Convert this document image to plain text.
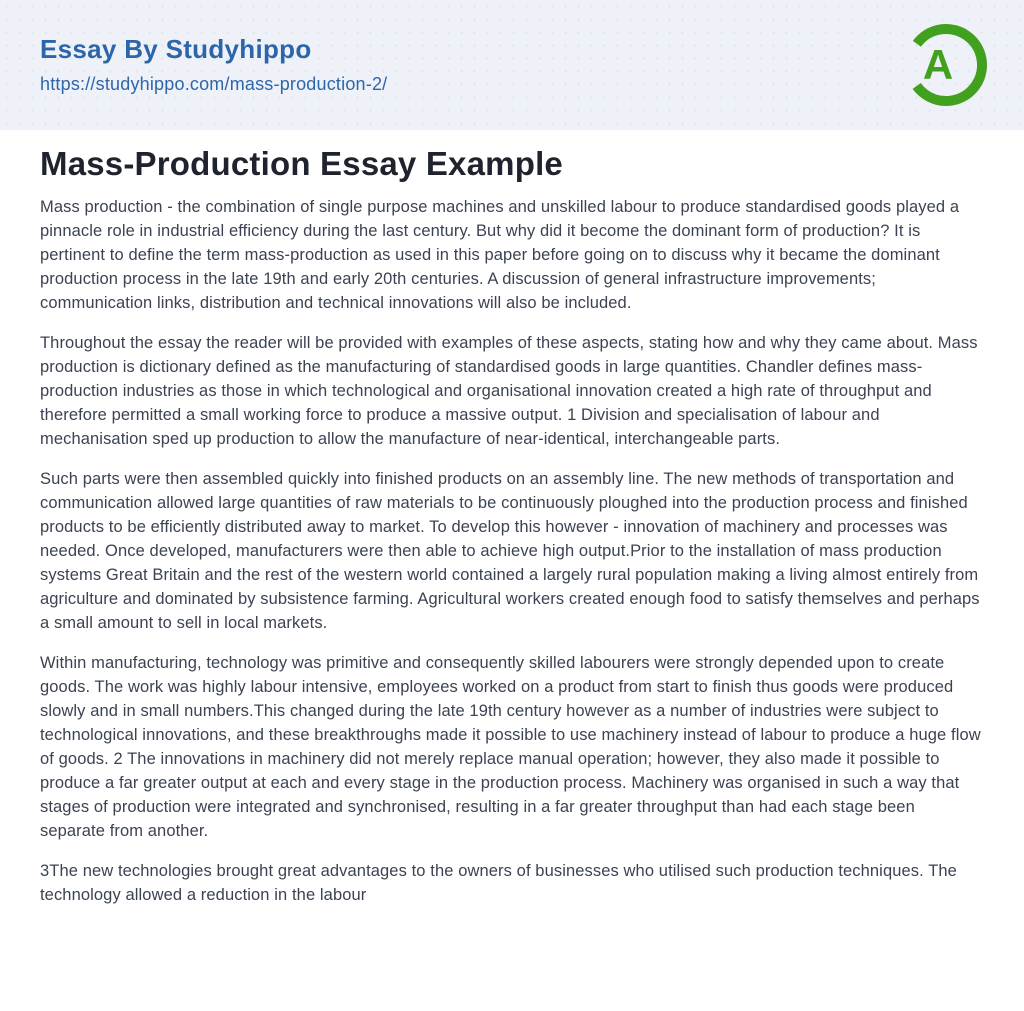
Essay By Studyhippo
https://studyhippo.com/mass-production-2/	A
Mass-Production Essay Example

Mass production - the combination of single purpose machines and unskilled labour to produce standardised goods played a pinnacle role in industrial efficiency during the last century. But why did it become the dominant form of production? It is pertinent to define the term mass-production as used in this paper before going on to discuss why it became the dominant production process in the late 19th and early 20th centuries. A discussion of general infrastructure improvements; communication links, distribution and technical innovations will also be included.

Throughout the essay the reader will be provided with examples of these aspects, stating how and why they came about. Mass production is dictionary defined as the manufacturing of standardised goods in large quantities. Chandler defines mass-production industries as those in which technological and organisational innovation created a high rate of throughput and therefore permitted a small working force to produce a massive output. 1 Division and specialisation of labour and mechanisation sped up production to allow the manufacture of near-identical, interchangeable parts.

Such parts were then assembled quickly into finished products on an assembly line. The new methods of transportation and communication allowed large quantities of raw materials to be continuously ploughed into the production process and finished products to be efficiently distributed away to market. To develop this however - innovation of machinery and processes was needed. Once developed, manufacturers were then able to achieve high output.Prior to the installation of mass production systems Great Britain and the rest of the western world contained a largely rural population making a living almost entirely from agriculture and dominated by subsistence farming. Agricultural workers created enough food to satisfy themselves and perhaps a small amount to sell in local markets.

Within manufacturing, technology was primitive and consequently skilled labourers were strongly depended upon to create goods. The work was highly labour intensive, employees worked on a product from start to finish thus goods were produced slowly and in small numbers.This changed during the late 19th century however as a number of industries were subject to technological innovations, and these breakthroughs made it possible to use machinery instead of labour to produce a huge flow of goods. 2 The innovations in machinery did not merely replace manual operation; however, they also made it possible to produce a far greater output at each and every stage in the production process. Machinery was organised in such a way that stages of production were integrated and synchronised, resulting in a far greater throughput than had each stage been separate from another.

3The new technologies brought great advantages to the owners of businesses who utilised such production techniques. The technology allowed a reduction in the labour
